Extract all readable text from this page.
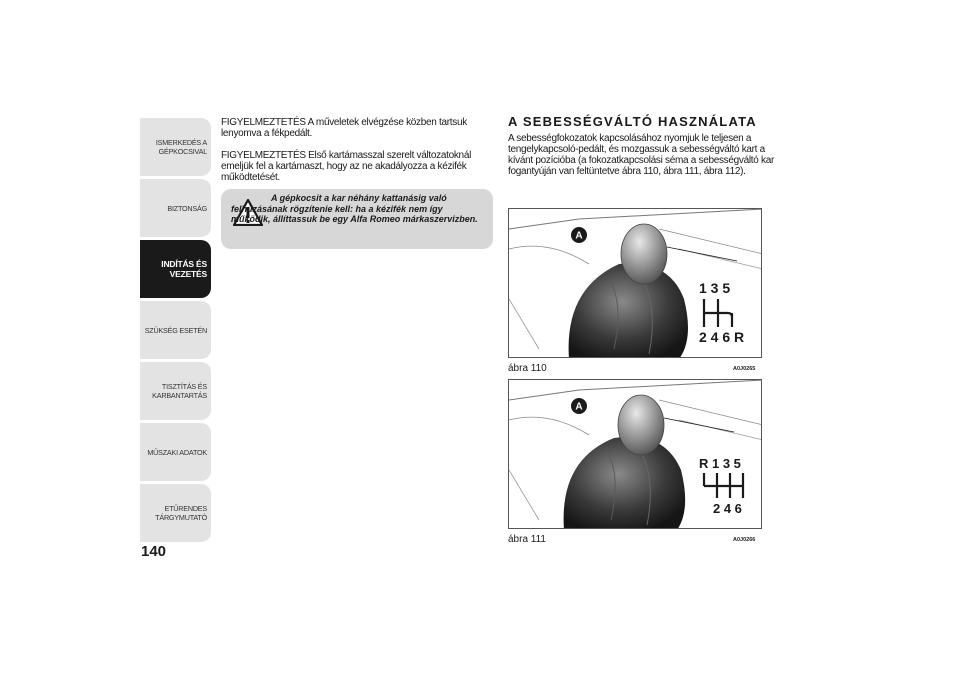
ISMERKEDÉS A
GÉPKOCSIVAL
BIZTONSÁG
INDÍTÁS ÉS
VEZETÉS
SZÜKSÉG ESETÉN
TISZTÍTÁS ÉS
KARBANTARTÁS
MŰSZAKI ADATOK
ETŰRENDES
TÁRGYMUTATÓ
140

FIGYELMEZTETÉS A műveletek elvégzése közben tartsuk lenyomva a fékpedált.

FIGYELMEZTETÉS Első kartámasszal szerelt változatoknál emeljük fel a kartámaszt, hogy az ne akadályozza a kézifék működtetését.

A gépkocsit a kar néhány kattanásig való felhúzásának rögzítenie kell: ha a kézifék nem így működik, állíttassuk be egy Alfa Romeo márkaszervizben.

A SEBESSÉGVÁLTÓ HASZNÁLATA

A sebességfokozatok kapcsolásához nyomjuk le teljesen a tengelykapcsoló-pedált, és mozgassuk a sebességváltó kart a kívánt pozícióba (a fokozatkapcsolási séma a sebességváltó kar fogantyúján van feltüntetve ábra 110, ábra 111, ábra 112).

A
1 3 5
2 4 6 R
ábra 110	A0J0265
A
R 1 3 5
2 4 6
ábra 111	A0J0266
